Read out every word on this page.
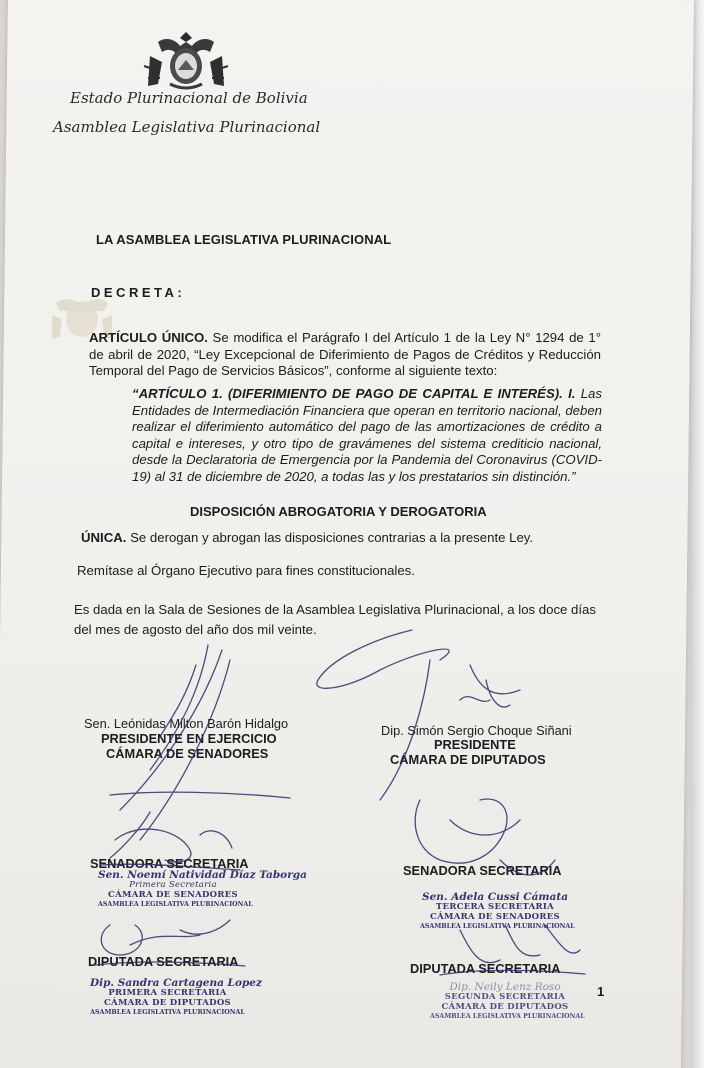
Estado Plurinacional de Bolivia
Asamblea Legislativa Plurinacional
LA ASAMBLEA LEGISLATIVA PLURINACIONAL
DECRETA:
ARTÍCULO ÚNICO. Se modifica el Parágrafo I del Artículo 1 de la Ley N° 1294 de 1° de abril de 2020, “Ley Excepcional de Diferimiento de Pagos de Créditos y Reducción Temporal del Pago de Servicios Básicos”, conforme al siguiente texto:
“ARTÍCULO 1. (DIFERIMIENTO DE PAGO DE CAPITAL E INTERÉS). I. Las Entidades de Intermediación Financiera que operan en territorio nacional, deben realizar el diferimiento automático del pago de las amortizaciones de crédito a capital e intereses, y otro tipo de gravámenes del sistema crediticio nacional, desde la Declaratoria de Emergencia por la Pandemia del Coronavirus (COVID-19) al 31 de diciembre de 2020, a todas las y los prestatarios sin distinción.”
DISPOSICIÓN ABROGATORIA Y DEROGATORIA
ÚNICA. Se derogan y abrogan las disposiciones contrarias a la presente Ley.
Remítase al Órgano Ejecutivo para fines constitucionales.
Es dada en la Sala de Sesiones de la Asamblea Legislativa Plurinacional, a los doce días del mes de agosto del año dos mil veinte.
Sen. Leónidas Milton Barón Hidalgo
PRESIDENTE EN EJERCICIO
CÁMARA DE SENADORES
Dip. Simón Sergio Choque Siñani
PRESIDENTE
CÁMARA DE DIPUTADOS
SENADORA SECRETARIA
Sen. Noemí Natividad Díaz Taborga
Primera Secretaria
CÁMARA DE SENADORES
ASAMBLEA LEGISLATIVA PLURINACIONAL
SENADORA SECRETARIA
Sen. Adela Cussi Cámata
TERCERA SECRETARIA
CÁMARA DE SENADORES
ASAMBLEA LEGISLATIVA PLURINACIONAL
DIPUTADA SECRETARIA
Dip. Sandra Cartagena Lopez
PRIMERA SECRETARIA
CÁMARA DE DIPUTADOS
ASAMBLEA LEGISLATIVA PLURINACIONAL
DIPUTADA SECRETARIA
Dip. Neily Lenz Roso
SEGUNDA SECRETARIA
CÁMARA DE DIPUTADOS
ASAMBLEA LEGISLATIVA PLURINACIONAL
1
